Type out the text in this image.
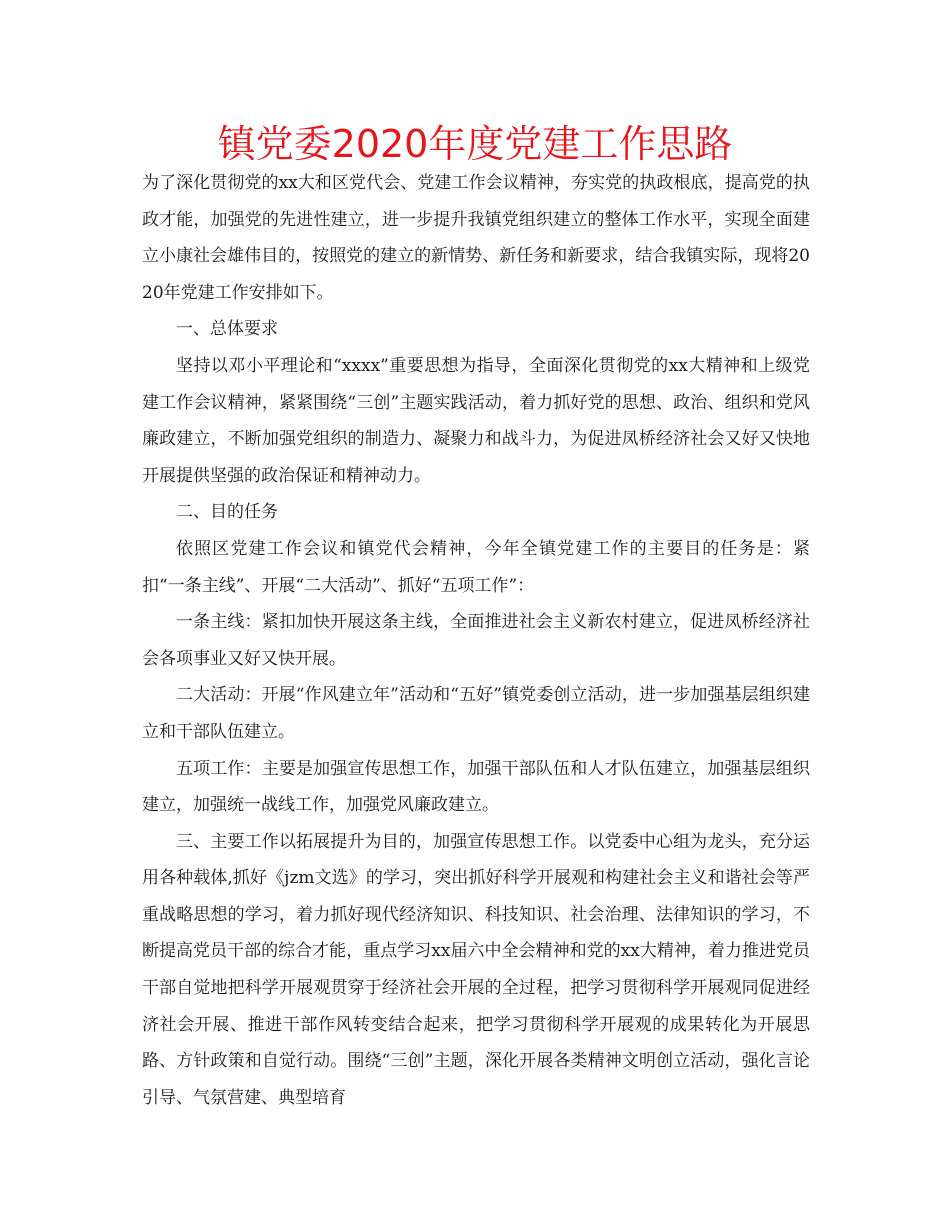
镇党委2020年度党建工作思路

为了深化贯彻党的xx大和区党代会、党建工作会议精神，夯实党的执政根底，提高党的执政才能，加强党的先进性建立，进一步提升我镇党组织建立的整体工作水平，实现全面建立小康社会雄伟目的，按照党的建立的新情势、新任务和新要求，结合我镇实际，现将2020年党建工作安排如下。

一、总体要求

坚持以邓小平理论和“xxxx”重要思想为指导，全面深化贯彻党的xx大精神和上级党建工作会议精神，紧紧围绕“三创”主题实践活动，着力抓好党的思想、政治、组织和党风廉政建立，不断加强党组织的制造力、凝聚力和战斗力，为促进凤桥经济社会又好又快地开展提供坚强的政治保证和精神动力。

二、目的任务

依照区党建工作会议和镇党代会精神，今年全镇党建工作的主要目的任务是：紧扣“一条主线”、开展“二大活动”、抓好“五项工作”：

一条主线：紧扣加快开展这条主线，全面推进社会主义新农村建立，促进凤桥经济社会各项事业又好又快开展。

二大活动：开展“作风建立年”活动和“五好”镇党委创立活动，进一步加强基层组织建立和干部队伍建立。

五项工作：主要是加强宣传思想工作，加强干部队伍和人才队伍建立，加强基层组织建立，加强统一战线工作，加强党风廉政建立。

三、主要工作以拓展提升为目的，加强宣传思想工作。以党委中心组为龙头，充分运用各种载体,抓好《jzm文选》的学习，突出抓好科学开展观和构建社会主义和谐社会等严重战略思想的学习，着力抓好现代经济知识、科技知识、社会治理、法律知识的学习，不断提高党员干部的综合才能，重点学习xx届六中全会精神和党的xx大精神，着力推进党员干部自觉地把科学开展观贯穿于经济社会开展的全过程，把学习贯彻科学开展观同促进经济社会开展、推进干部作风转变结合起来，把学习贯彻科学开展观的成果转化为开展思路、方针政策和自觉行动。围绕“三创”主题，深化开展各类精神文明创立活动，强化言论引导、气氛营建、典型培育
